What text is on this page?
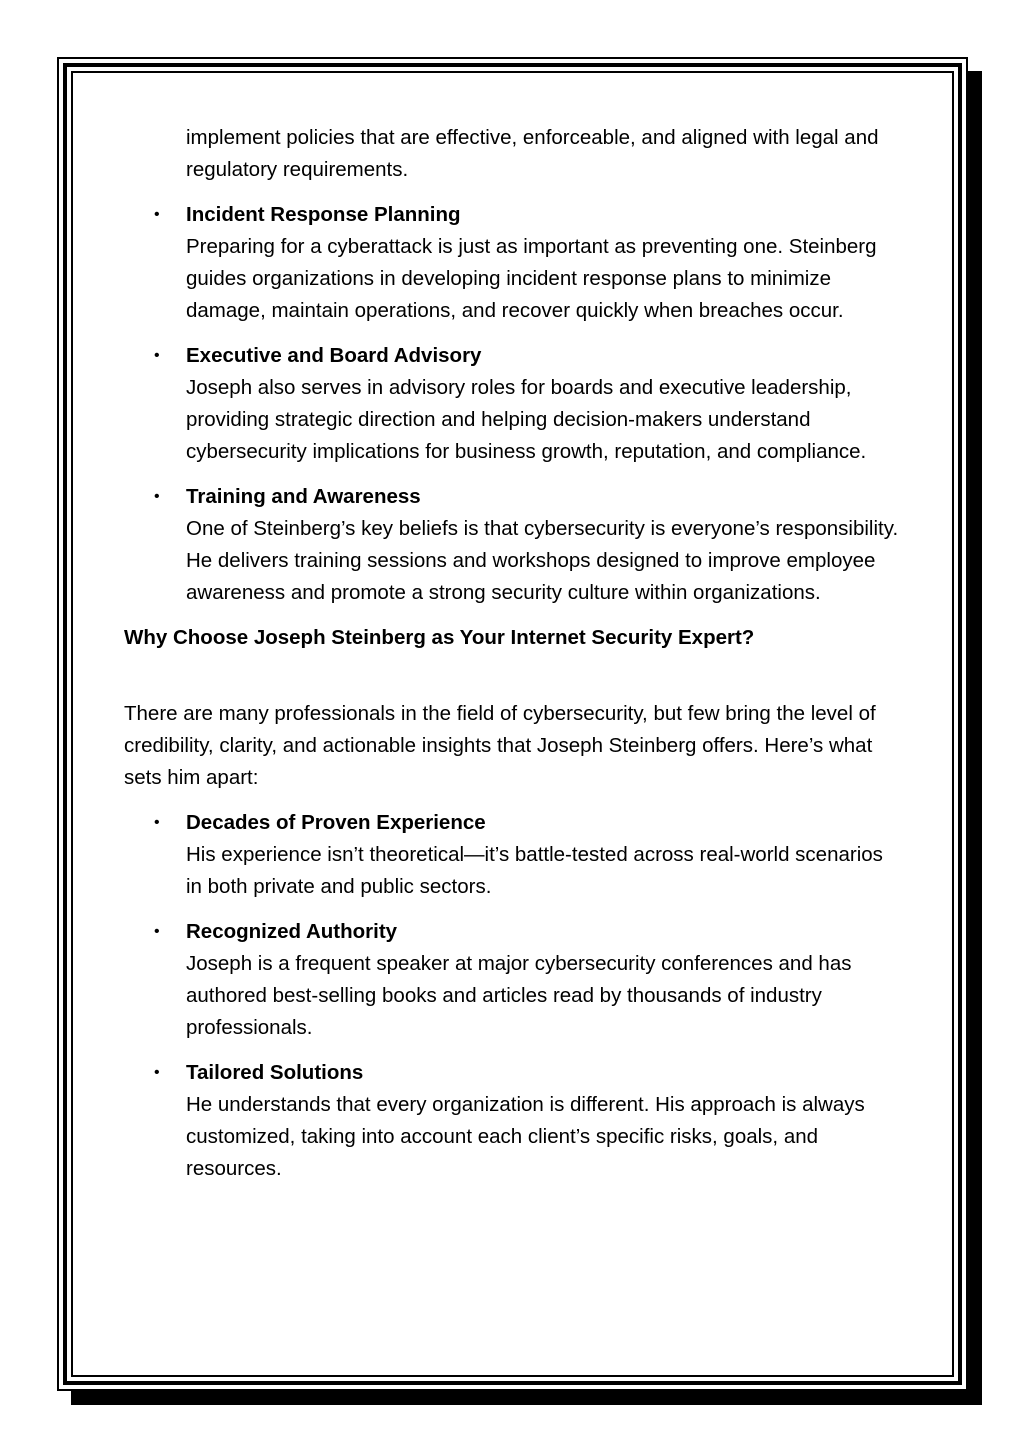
implement policies that are effective, enforceable, and aligned with legal and regulatory requirements.

• Incident Response Planning
Preparing for a cyberattack is just as important as preventing one. Steinberg guides organizations in developing incident response plans to minimize damage, maintain operations, and recover quickly when breaches occur.
• Executive and Board Advisory
Joseph also serves in advisory roles for boards and executive leadership, providing strategic direction and helping decision-makers understand cybersecurity implications for business growth, reputation, and compliance.
• Training and Awareness
One of Steinberg’s key beliefs is that cybersecurity is everyone’s responsibility. He delivers training sessions and workshops designed to improve employee awareness and promote a strong security culture within organizations.

Why Choose Joseph Steinberg as Your Internet Security Expert?

There are many professionals in the field of cybersecurity, but few bring the level of credibility, clarity, and actionable insights that Joseph Steinberg offers. Here’s what sets him apart:

• Decades of Proven Experience
His experience isn’t theoretical—it’s battle-tested across real-world scenarios in both private and public sectors.
• Recognized Authority
Joseph is a frequent speaker at major cybersecurity conferences and has authored best-selling books and articles read by thousands of industry professionals.
• Tailored Solutions
He understands that every organization is different. His approach is always customized, taking into account each client’s specific risks, goals, and resources.
